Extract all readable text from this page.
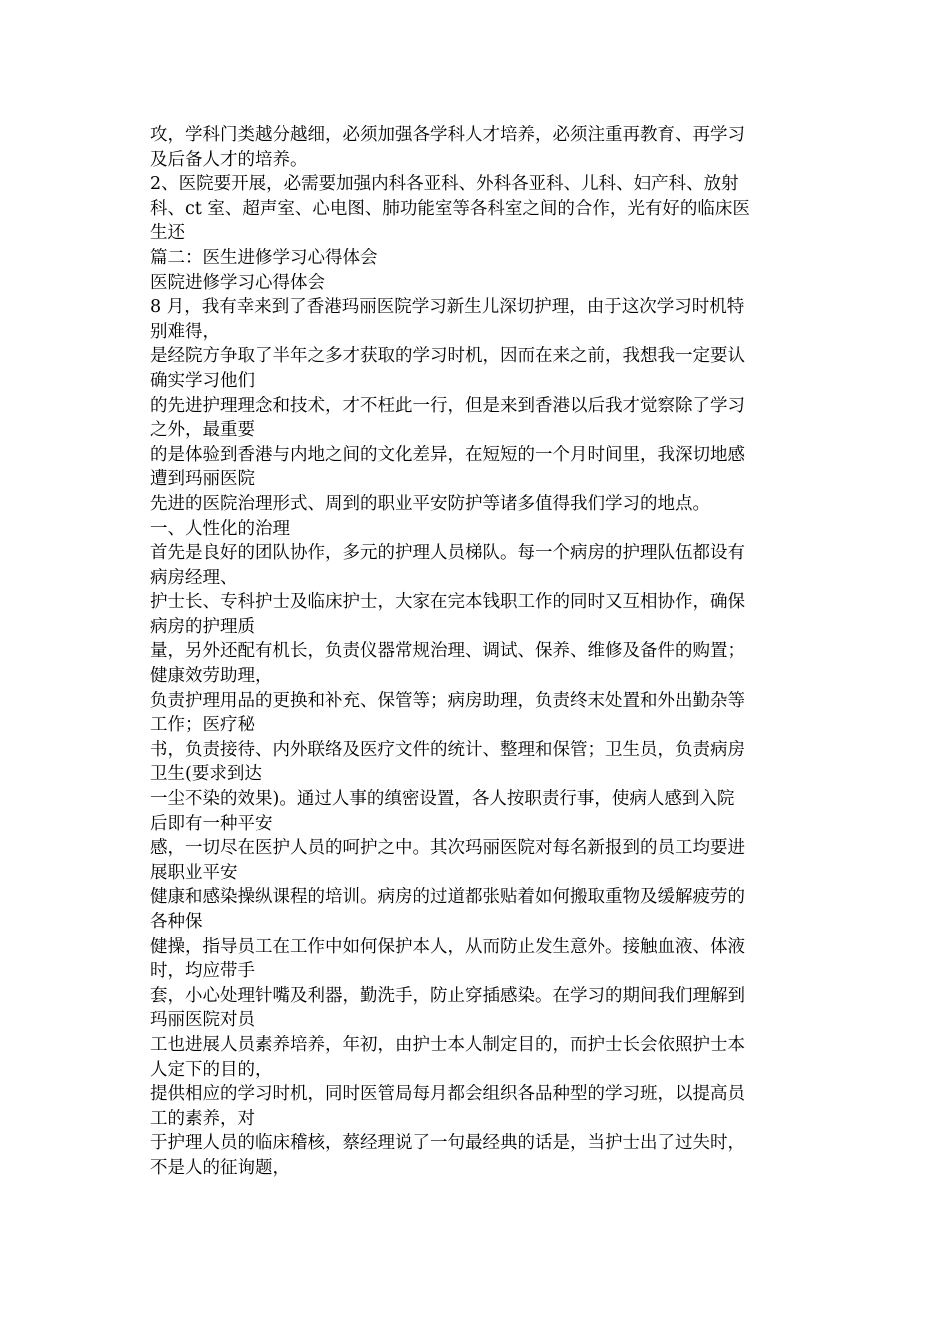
攻，学科门类越分越细，必须加强各学科人才培养，必须注重再教育、再学习
及后备人才的培养。
2、医院要开展，必需要加强内科各亚科、外科各亚科、儿科、妇产科、放射
科、ct 室、超声室、心电图、肺功能室等各科室之间的合作，光有好的临床医
生还
篇二：医生进修学习心得体会
医院进修学习心得体会
8 月，我有幸来到了香港玛丽医院学习新生儿深切护理，由于这次学习时机特
别难得，
是经院方争取了半年之多才获取的学习时机，因而在来之前，我想我一定要认
确实学习他们
的先进护理理念和技术，才不枉此一行，但是来到香港以后我才觉察除了学习
之外，最重要
的是体验到香港与内地之间的文化差异，在短短的一个月时间里，我深切地感
遭到玛丽医院
先进的医院治理形式、周到的职业平安防护等诸多值得我们学习的地点。
一、人性化的治理
首先是良好的团队协作，多元的护理人员梯队。每一个病房的护理队伍都设有
病房经理、
护士长、专科护士及临床护士，大家在完本钱职工作的同时又互相协作，确保
病房的护理质
量，另外还配有机长，负责仪器常规治理、调试、保养、维修及备件的购置；
健康效劳助理，
负责护理用品的更换和补充、保管等；病房助理，负责终末处置和外出勤杂等
工作；医疗秘
书，负责接待、内外联络及医疗文件的统计、整理和保管；卫生员，负责病房
卫生(要求到达
一尘不染的效果)。通过人事的缜密设置，各人按职责行事，使病人感到入院
后即有一种平安
感，一切尽在医护人员的呵护之中。其次玛丽医院对每名新报到的员工均要进
展职业平安
健康和感染操纵课程的培训。病房的过道都张贴着如何搬取重物及缓解疲劳的
各种保
健操，指导员工在工作中如何保护本人，从而防止发生意外。接触血液、体液
时，均应带手
套，小心处理针嘴及利器，勤洗手，防止穿插感染。在学习的期间我们理解到
玛丽医院对员
工也进展人员素养培养，年初，由护士本人制定目的，而护士长会依照护士本
人定下的目的，
提供相应的学习时机，同时医管局每月都会组织各品种型的学习班，以提高员
工的素养，对
于护理人员的临床稽核，蔡经理说了一句最经典的话是，当护士出了过失时，
不是人的征询题，
